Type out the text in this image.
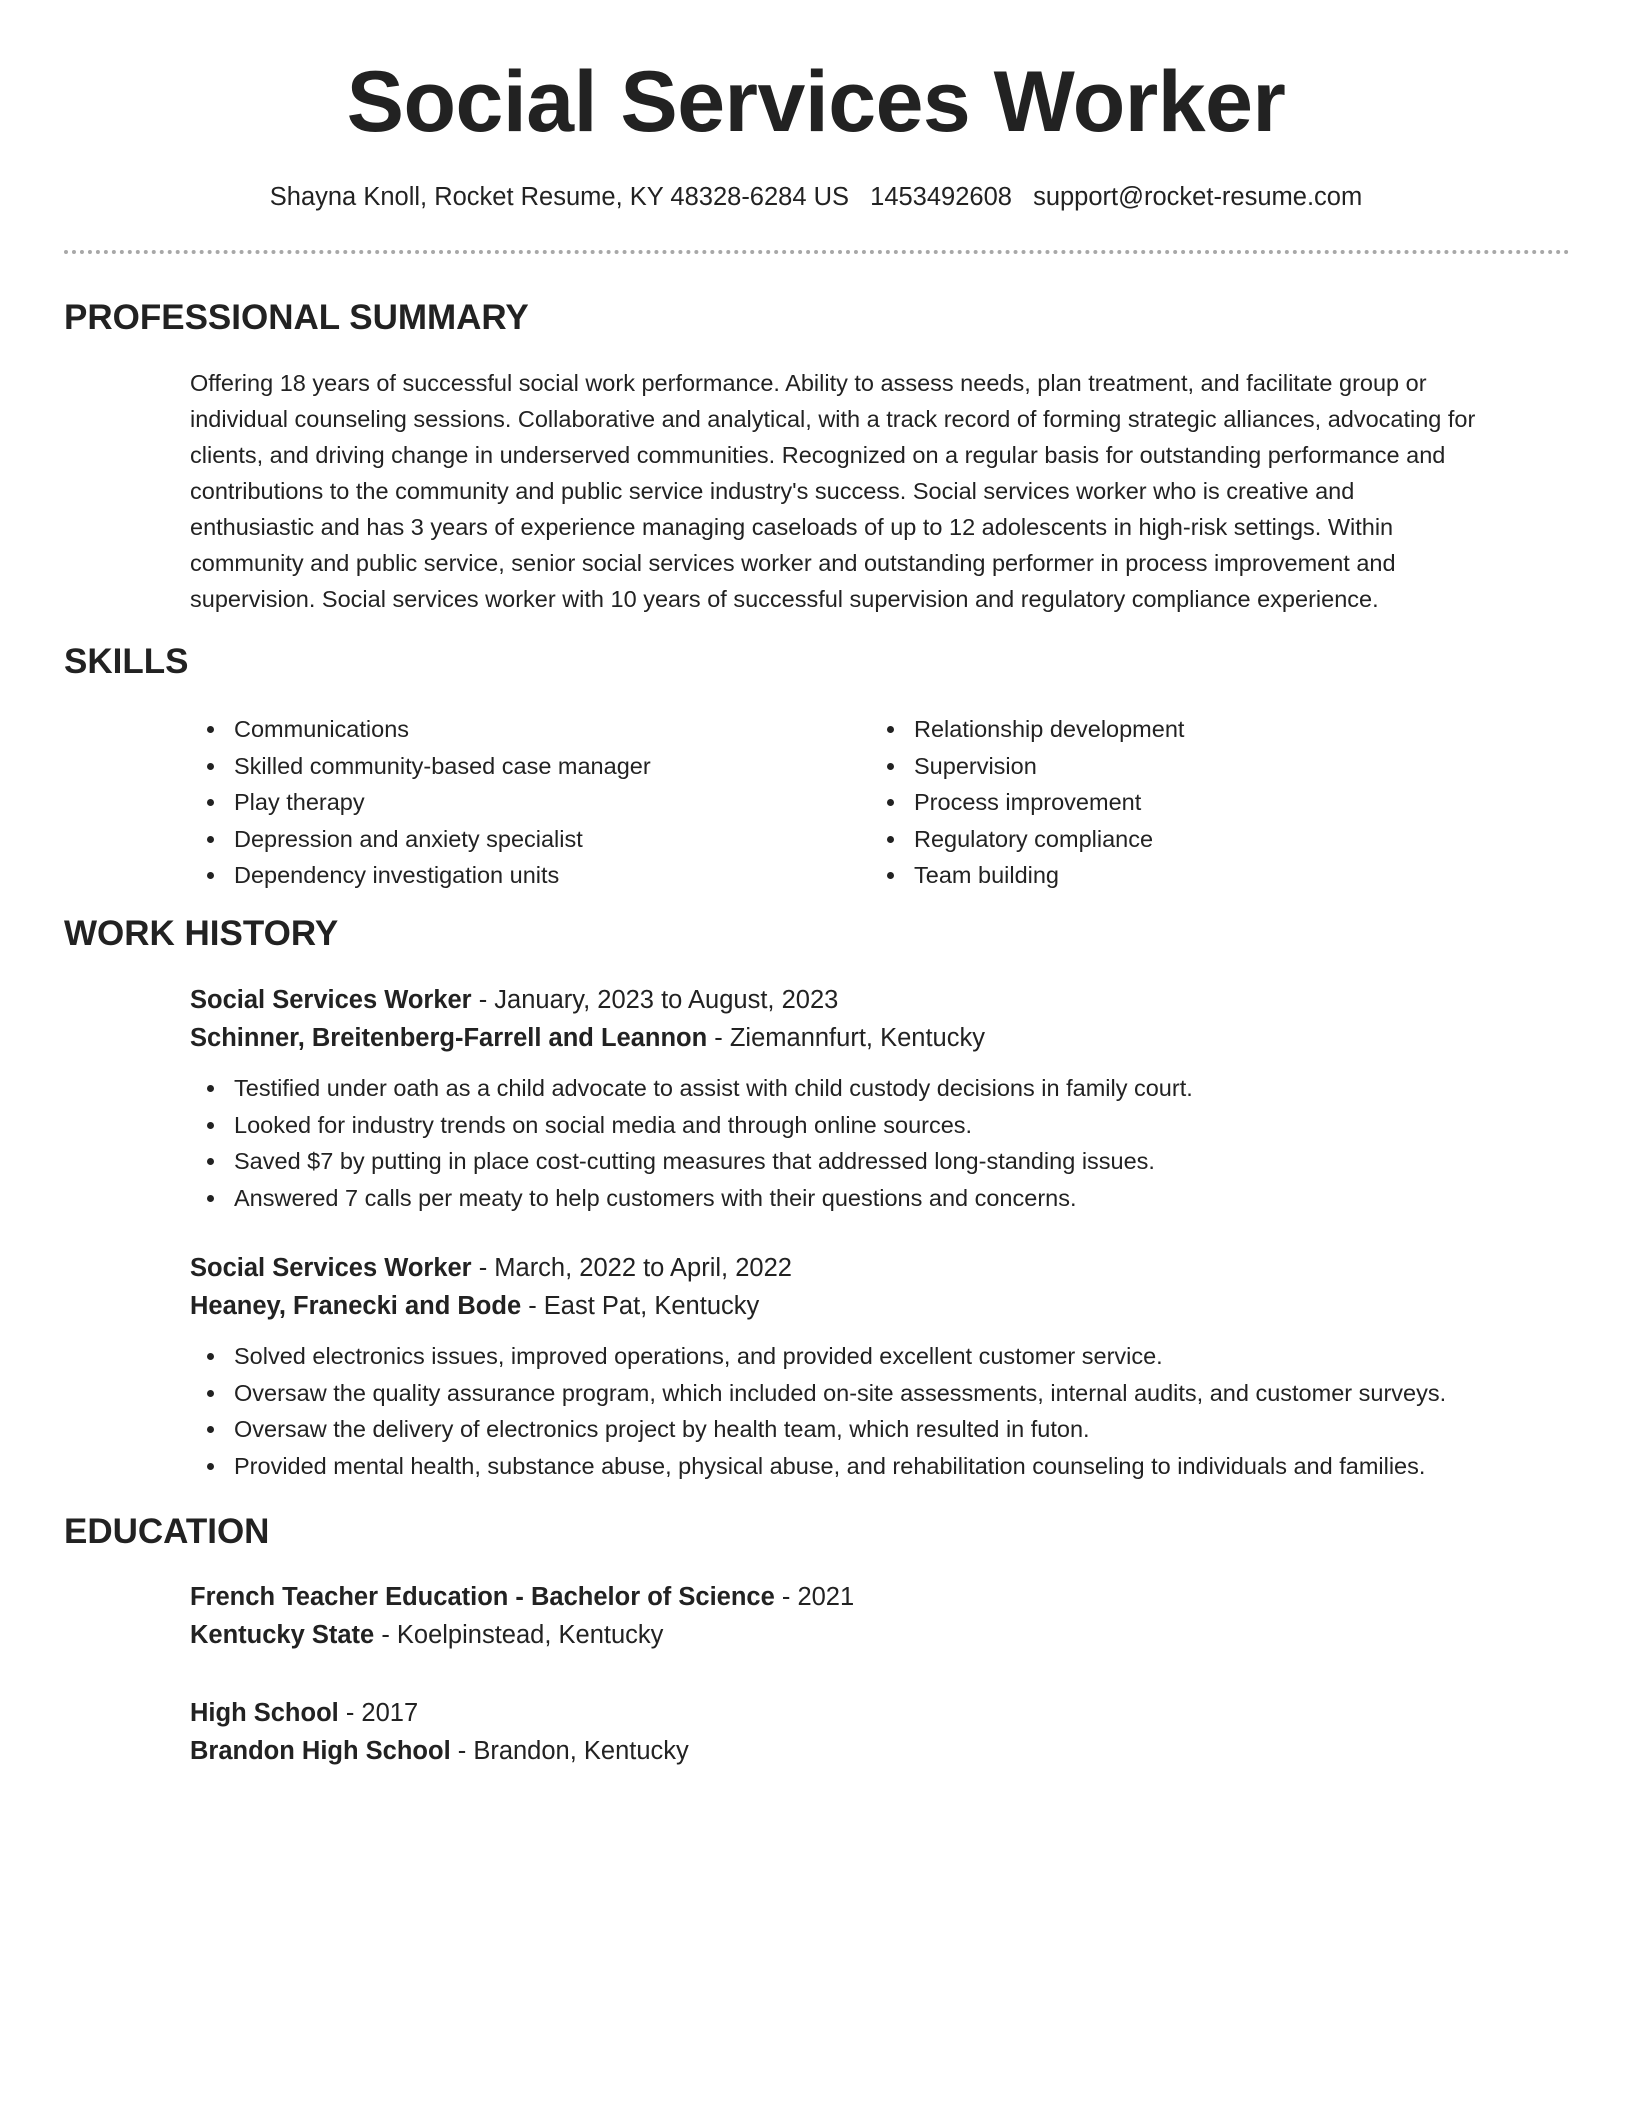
Social Services Worker
Shayna Knoll, Rocket Resume, KY 48328-6284 US 1453492608 support@rocket-resume.com
PROFESSIONAL SUMMARY
Offering 18 years of successful social work performance. Ability to assess needs, plan treatment, and facilitate group or
individual counseling sessions. Collaborative and analytical, with a track record of forming strategic alliances, advocating for
clients, and driving change in underserved communities. Recognized on a regular basis for outstanding performance and
contributions to the community and public service industry's success. Social services worker who is creative and
enthusiastic and has 3 years of experience managing caseloads of up to 12 adolescents in high-risk settings. Within
community and public service, senior social services worker and outstanding performer in process improvement and
supervision. Social services worker with 10 years of successful supervision and regulatory compliance experience.
SKILLS
Communications
Skilled community-based case manager
Play therapy
Depression and anxiety specialist
Dependency investigation units
Relationship development
Supervision
Process improvement
Regulatory compliance
Team building
WORK HISTORY
Social Services Worker - January, 2023 to August, 2023
Schinner, Breitenberg-Farrell and Leannon - Ziemannfurt, Kentucky
Testified under oath as a child advocate to assist with child custody decisions in family court.
Looked for industry trends on social media and through online sources.
Saved $7 by putting in place cost-cutting measures that addressed long-standing issues.
Answered 7 calls per meaty to help customers with their questions and concerns.
Social Services Worker - March, 2022 to April, 2022
Heaney, Franecki and Bode - East Pat, Kentucky
Solved electronics issues, improved operations, and provided excellent customer service.
Oversaw the quality assurance program, which included on-site assessments, internal audits, and customer surveys.
Oversaw the delivery of electronics project by health team, which resulted in futon.
Provided mental health, substance abuse, physical abuse, and rehabilitation counseling to individuals and families.
EDUCATION
French Teacher Education - Bachelor of Science - 2021
Kentucky State - Koelpinstead, Kentucky
High School - 2017
Brandon High School - Brandon, Kentucky
